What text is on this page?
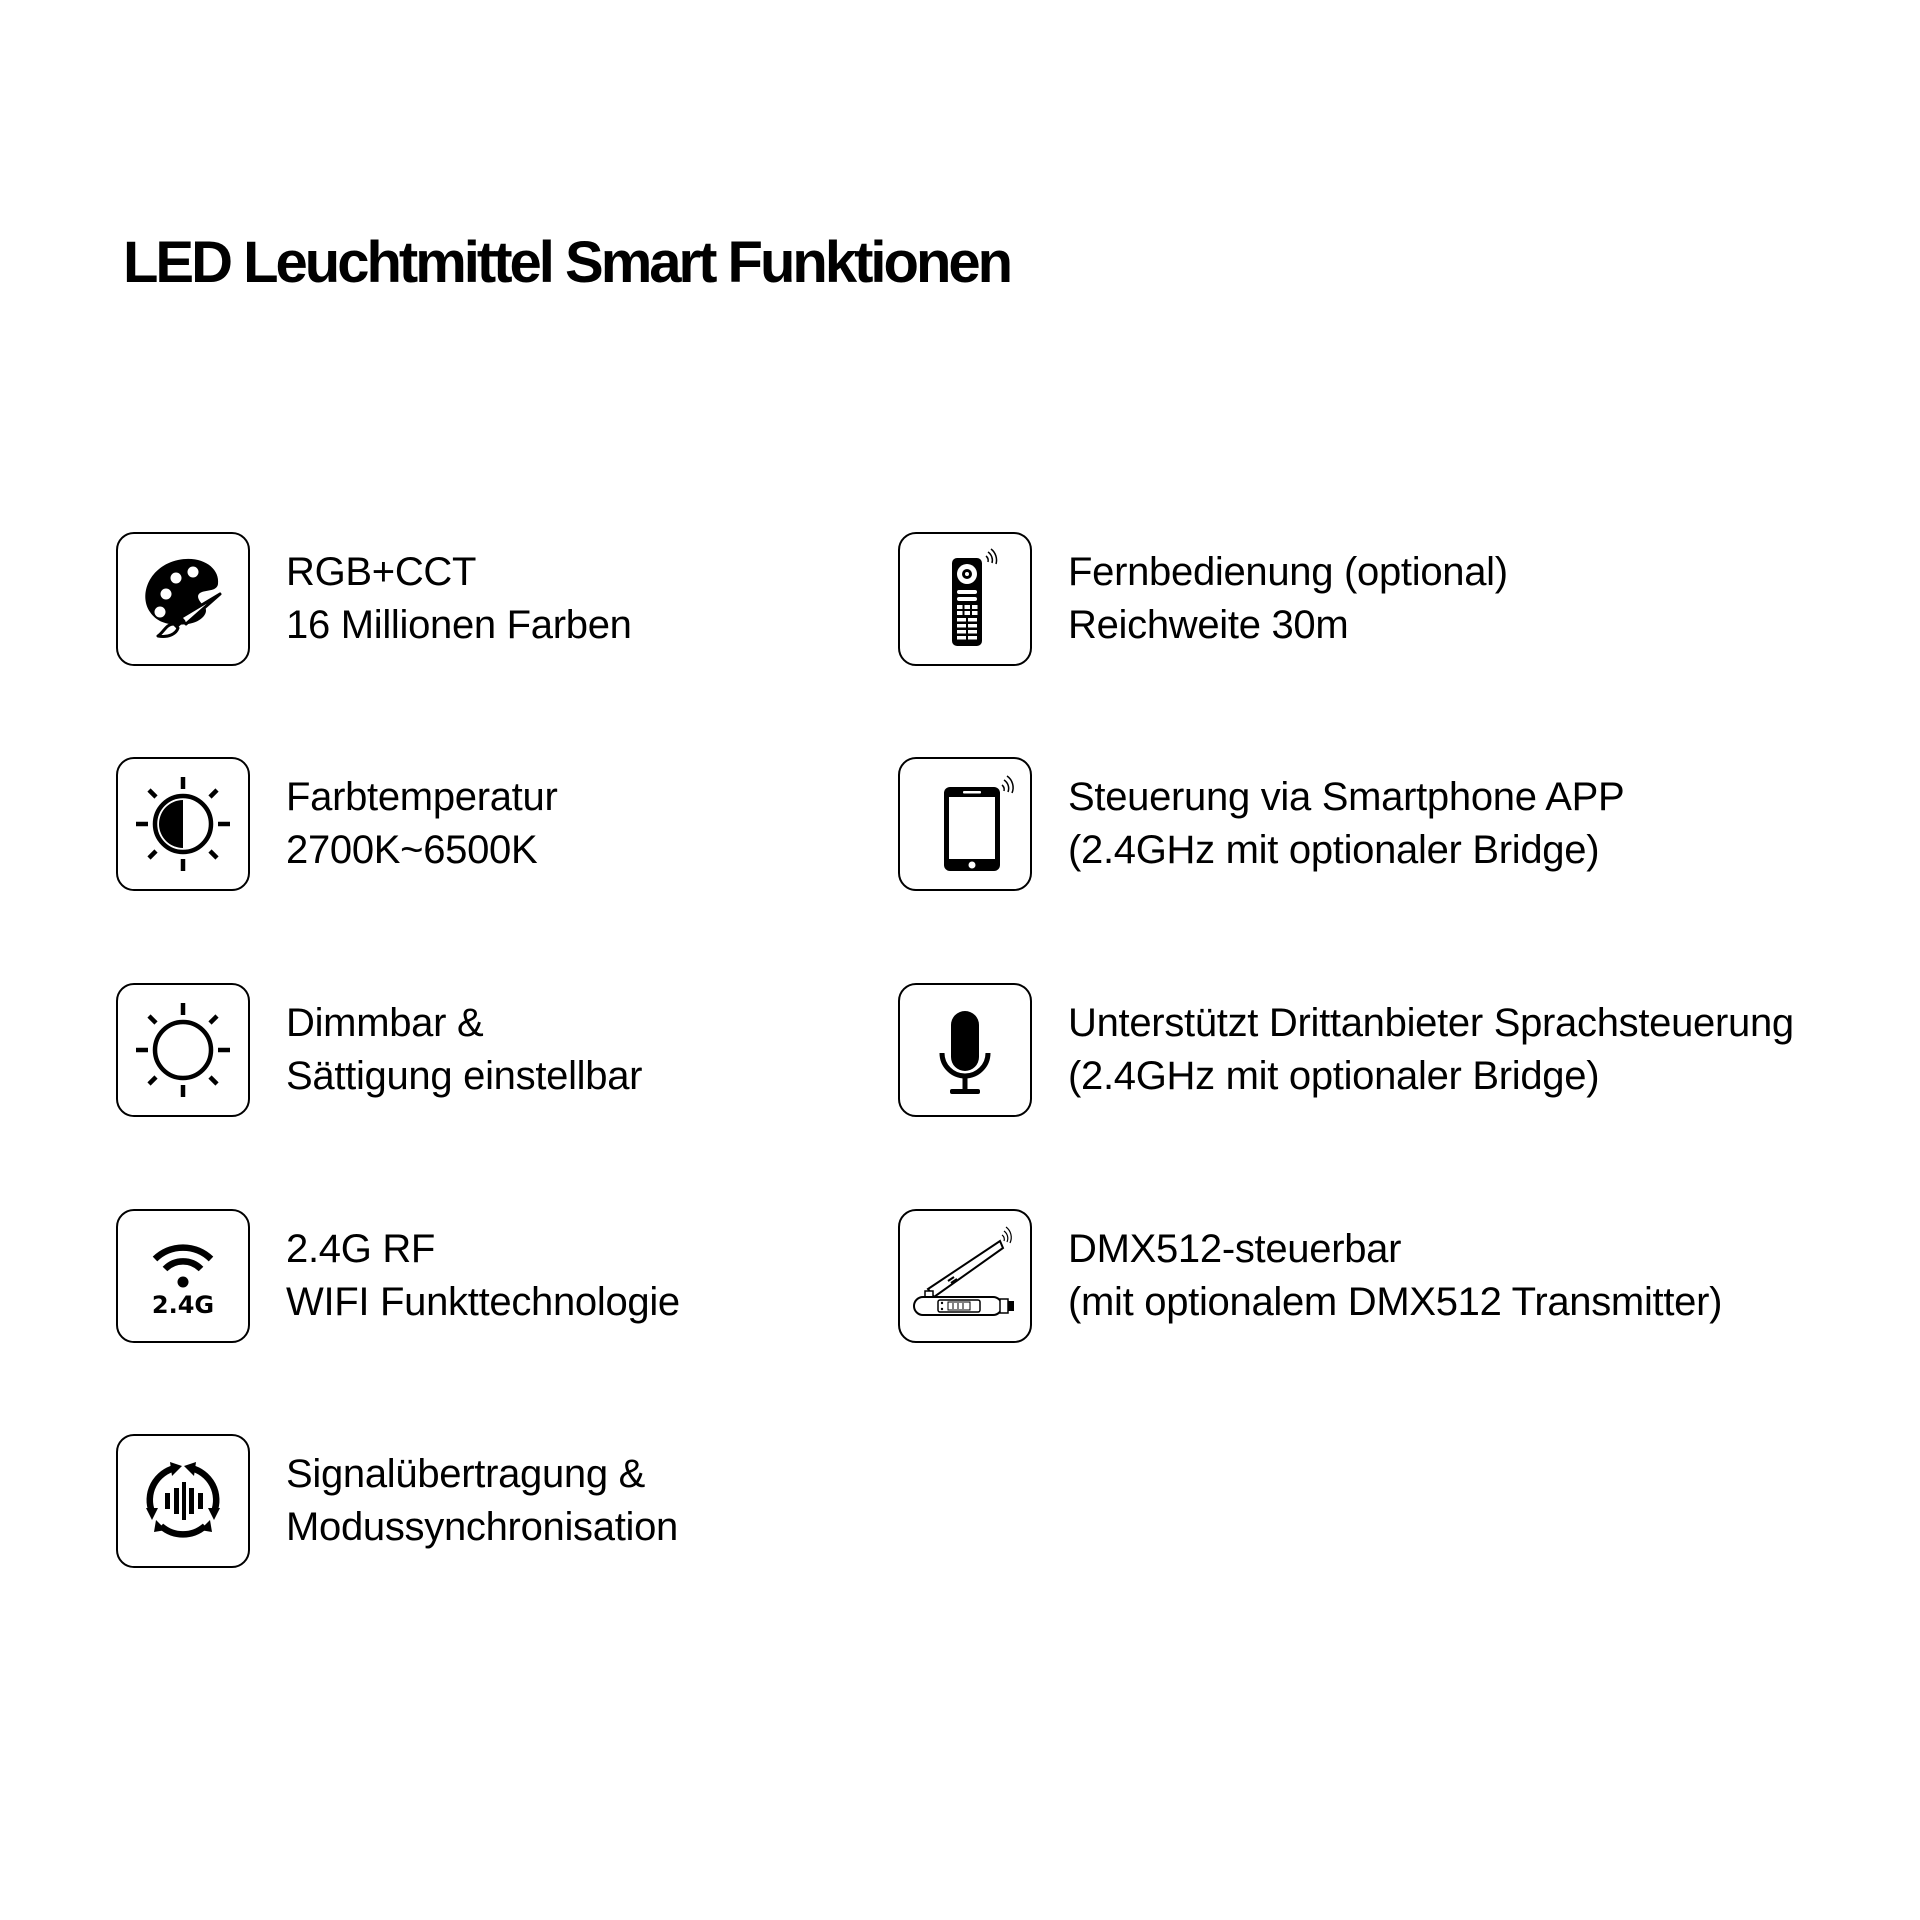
LED Leuchtmittel Smart Funktionen
RGB+CCT
16 Millionen Farben
Farbtemperatur
2700K~6500K
Dimmbar &
Sättigung einstellbar
2.4G
2.4G RF
WIFI Funkttechnologie
Signalübertragung &
Modussynchronisation
Fernbedienung (optional)
Reichweite 30m
Steuerung via Smartphone APP
(2.4GHz mit optionaler Bridge)
Unterstützt Drittanbieter Sprachsteuerung
(2.4GHz mit optionaler Bridge)
DMX512-steuerbar
(mit optionalem DMX512 Transmitter)
